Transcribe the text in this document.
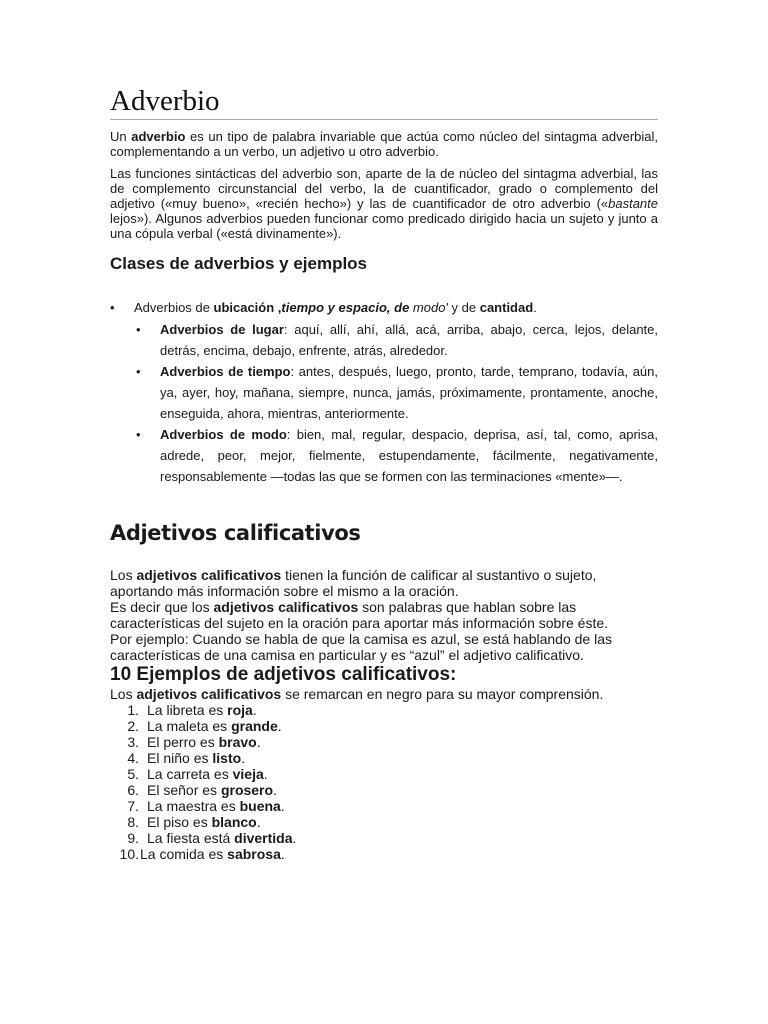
Adverbio

Un adverbio es un tipo de palabra invariable que actúa como núcleo del sintagma adverbial, complementando a un verbo, un adjetivo u otro adverbio.

Las funciones sintácticas del adverbio son, aparte de la de núcleo del sintagma adverbial, las de complemento circunstancial del verbo, la de cuantificador, grado o complemento del adjetivo («muy bueno», «recién hecho») y las de cuantificador de otro adverbio («bastante lejos»). Algunos adverbios pueden funcionar como predicado dirigido hacia un sujeto y junto a una cópula verbal («está divinamente»).

Clases de adverbios y ejemplos
• Adverbios de ubicación ,tiempo y espacio, de modo' y de cantidad.
• Adverbios de lugar: aquí, allí, ahí, allá, acá, arriba, abajo, cerca, lejos, delante, detrás, encima, debajo, enfrente, atrás, alrededor.
• Adverbios de tiempo: antes, después, luego, pronto, tarde, temprano, todavía, aún, ya, ayer, hoy, mañana, siempre, nunca, jamás, próximamente, prontamente, anoche, enseguida, ahora, mientras, anteriormente.
• Adverbios de modo: bien, mal, regular, despacio, deprisa, así, tal, como, aprisa, adrede, peor, mejor, fielmente, estupendamente, fácilmente, negativamente, responsablemente —todas las que se formen con las terminaciones «mente»—.
Adjetivos calificativos
Los adjetivos calificativos tienen la función de calificar al sustantivo o sujeto, aportando más información sobre el mismo a la oración.
Es decir que los adjetivos calificativos son palabras que hablan sobre las características del sujeto en la oración para aportar más información sobre éste.
Por ejemplo: Cuando se habla de que la camisa es azul, se está hablando de las características de una camisa en particular y es “azul” el adjetivo calificativo.
10 Ejemplos de adjetivos calificativos:

Los adjetivos calificativos se remarcan en negro para su mayor comprensión.

1. La libreta es roja.
2. La maleta es grande.
3. El perro es bravo.
4. El niño es listo.
5. La carreta es vieja.
6. El señor es grosero.
7. La maestra es buena.
8. El piso es blanco.
9. La fiesta está divertida.
10. La comida es sabrosa.
